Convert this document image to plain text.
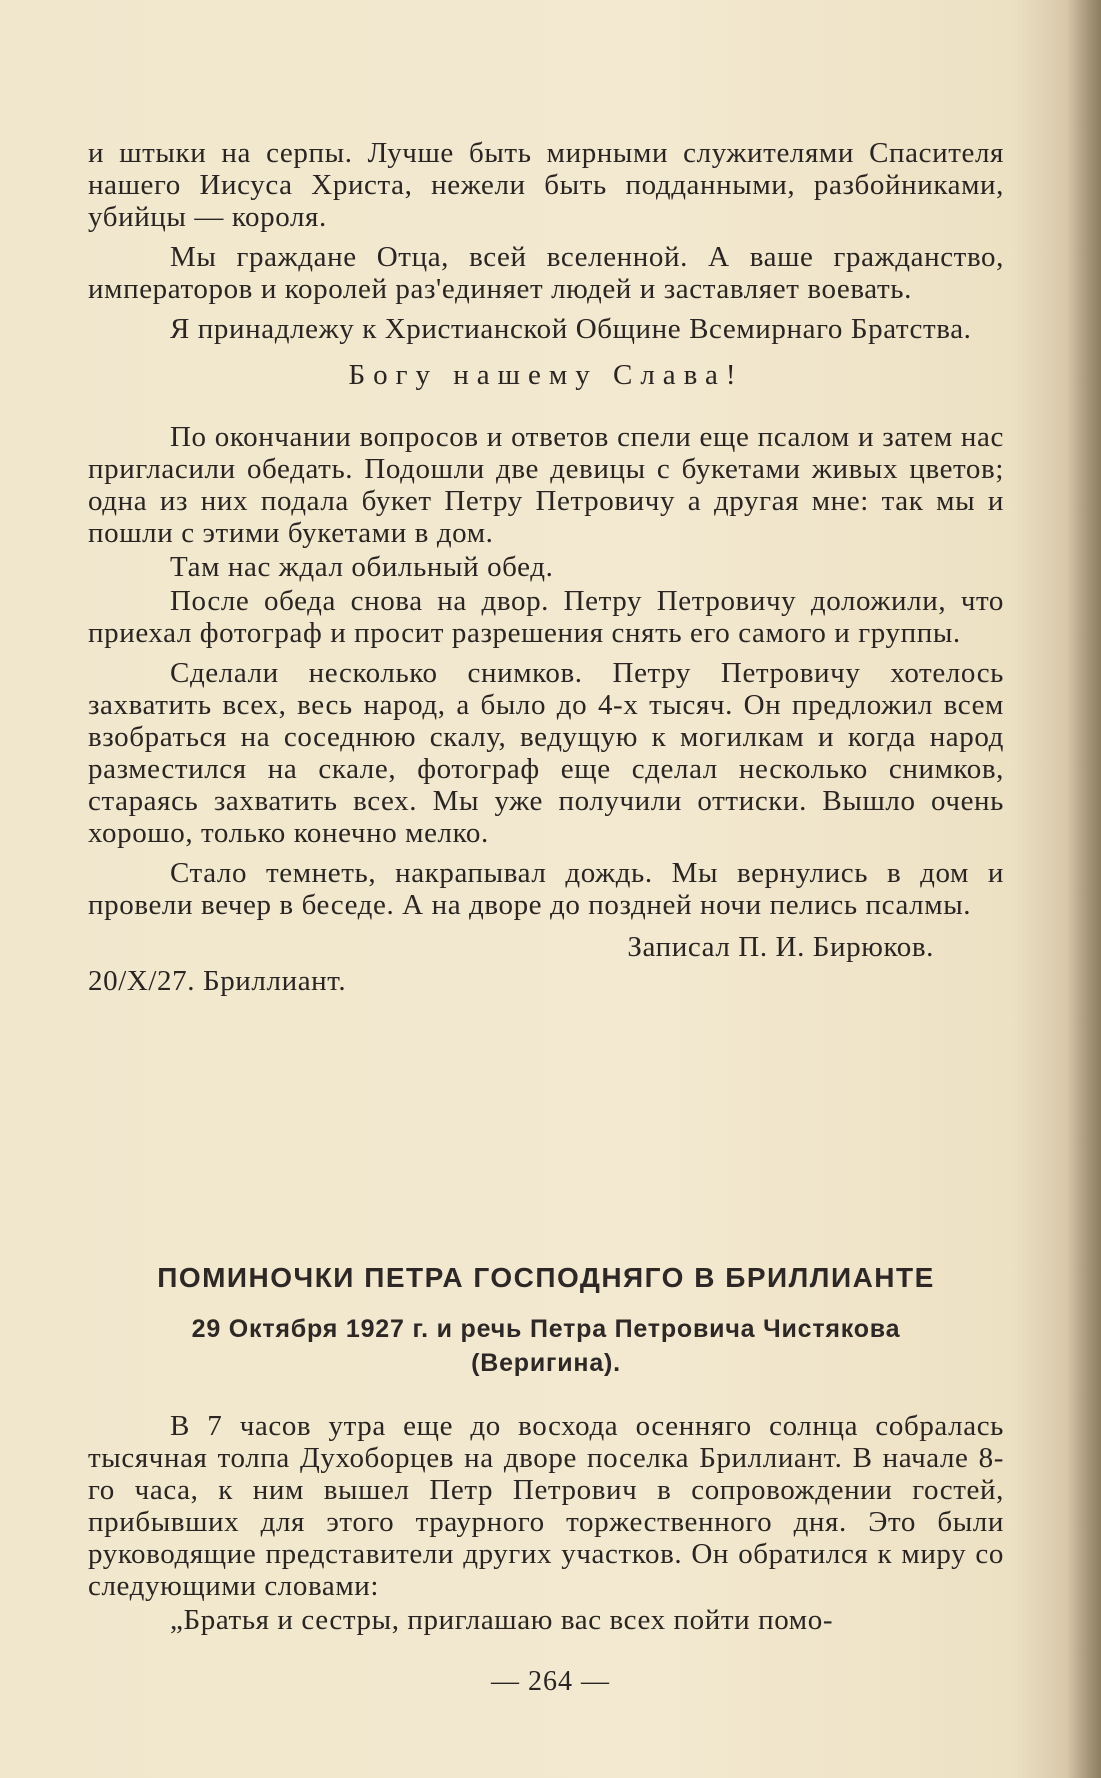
и штыки на серпы. Лучше быть мирными служителями Спасителя нашего Иисуса Христа, нежели быть подданными, разбойниками, убийцы — короля.

Мы граждане Отца, всей вселенной. А ваше гражданство, императоров и королей раз'единяет людей и заставляет воевать.

Я принадлежу к Христианской Общине Всемирнаго Братства.

Богу нашему Слава!

По окончании вопросов и ответов спели еще псалом и затем нас пригласили обедать. Подошли две девицы с букетами живых цветов; одна из них подала букет Петру Петровичу а другая мне: так мы и пошли с этими букетами в дом.

Там нас ждал обильный обед.

После обеда снова на двор. Петру Петровичу доложили, что приехал фотограф и просит разрешения снять его самого и группы.

Сделали несколько снимков. Петру Петровичу хотелось захватить всех, весь народ, а было до 4-х тысяч. Он предложил всем взобраться на соседнюю скалу, ведущую к могилкам и когда народ разместился на скале, фотограф еще сделал несколько снимков, стараясь захватить всех. Мы уже получили оттиски. Вышло очень хорошо, только конечно мелко.

Стало темнеть, накрапывал дождь. Мы вернулись в дом и провели вечер в беседе. А на дворе до поздней ночи пелись псалмы.

Записал П. И. Бирюков.

20/X/27. Бриллиант.

ПОМИНОЧКИ ПЕТРА ГОСПОДНЯГО В БРИЛЛИАНТЕ
29 Октября 1927 г. и речь Петра Петровича Чистякова (Веригина).

В 7 часов утра еще до восхода осенняго солнца собралась тысячная толпа Духоборцев на дворе поселка Бриллиант. В начале 8-го часа, к ним вышел Петр Петрович в сопровождении гостей, прибывших для этого траурного торжественного дня. Это были руководящие представители других участков. Он обратился к миру со следующими словами:

„Братья и сестры, приглашаю вас всех пойти помо-

— 264 —
